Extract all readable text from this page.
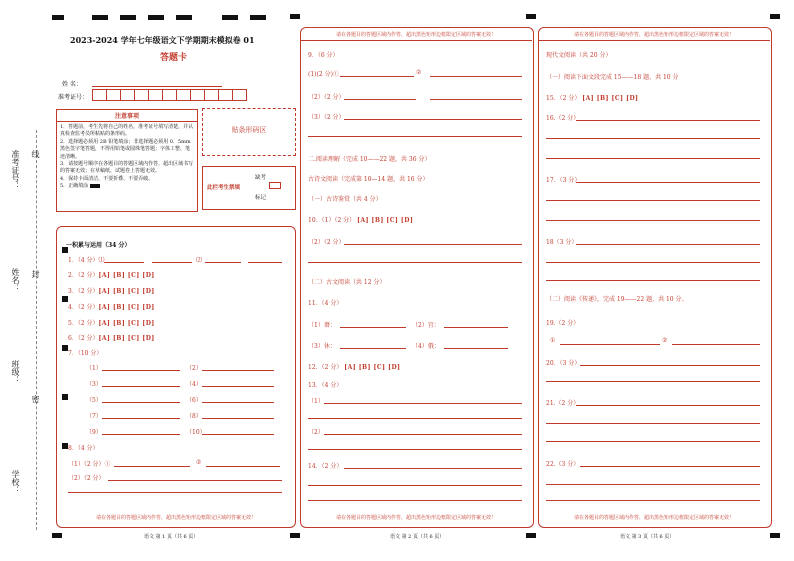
学校：
班级：
姓名：
准考证号：
密
封
线
2023-2024 学年七年级语文下学期期末模拟卷 01
答题卡
姓 名：
准考证号：
注意事项
1．答题前，考生先将自己的姓名，准考证号填写清楚，并认真检查监考员所粘贴的条形码。
2．选择题必须用 2B 铅笔填涂；非选择题必须用 0．5mm 黑色签字笔答题，不得用铅笔或圆珠笔答题；字体工整、笔迹清晰。
3．请按题号顺序在各题目的答题区域内作答，超出区域书写的答案无效；在草稿纸、试题卷上答题无效。
4．保持卡面清洁，不要折叠、不要弄破。
5．正确填涂
贴条形码区
此栏考生禁填
缺考
标记
一积累与运用（34 分）
1．（4 分）⑴	⑵
2．（2 分）[A] [B] [C] [D]
3．（2 分）[A] [B] [C] [D]
4．（2 分）[A] [B] [C] [D]
5．（2 分）[A] [B] [C] [D]
6．（2 分）[A] [B] [C] [D]
7．（10 分）
（1）	（2）
（3）	（4）
（5）	（6）
（7）	（8）
（9）	（10）
8．（4 分）
（1）（2 分）①	②
（2）（2 分）
请在各题目的答题区域内作答，超出黑色矩形边框限定区域的答案无效！
语文 第 1 页（共 6 页）
请在各题目的答题区域内作答，超出黑色矩形边框限定区域的答案无效！
9．（6 分）
(1)(2 分)①	②
（2）（2 分）
（3）（2 分）
二.阅读理解（完成 10——22 题，共 36 分）
古诗文阅读（完成第 10—14 题，共 16 分）
（一）古诗鉴赏（共 4 分）
10．（1）（2 分） [A] [B] [C] [D]
（2）（2 分）
（二）古文阅读（共 12 分）
11．（4 分）
（1）谮：	（2）宜：
（3）休：	（4）俄：
12．（2 分） [A] [B] [C] [D]
13．（4 分）
（1）
（2）
14．（2 分）
请在各题目的答题区域内作答，超出黑色矩形边框限定区域的答案无效！
语文 第 2 页（共 6 页）
请在各题目的答题区域内作答，超出黑色矩形边框限定区域的答案无效！
现代文阅读（共 20 分）
（一）阅读下面文段完成 15——18 题，共 10 分
15．（2 分） [A] [B] [C] [D]
16.（2 分）
17．（3 分）
18（3 分）
（二）阅读《传递》，完成 19——22 题，共 10 分。
19.（2 分）
①	②
20．（3 分）
21.（2 分）
22.（3 分）
请在各题目的答题区域内作答，超出黑色矩形边框限定区域的答案无效！
语文 第 3 页（共 6 页）
